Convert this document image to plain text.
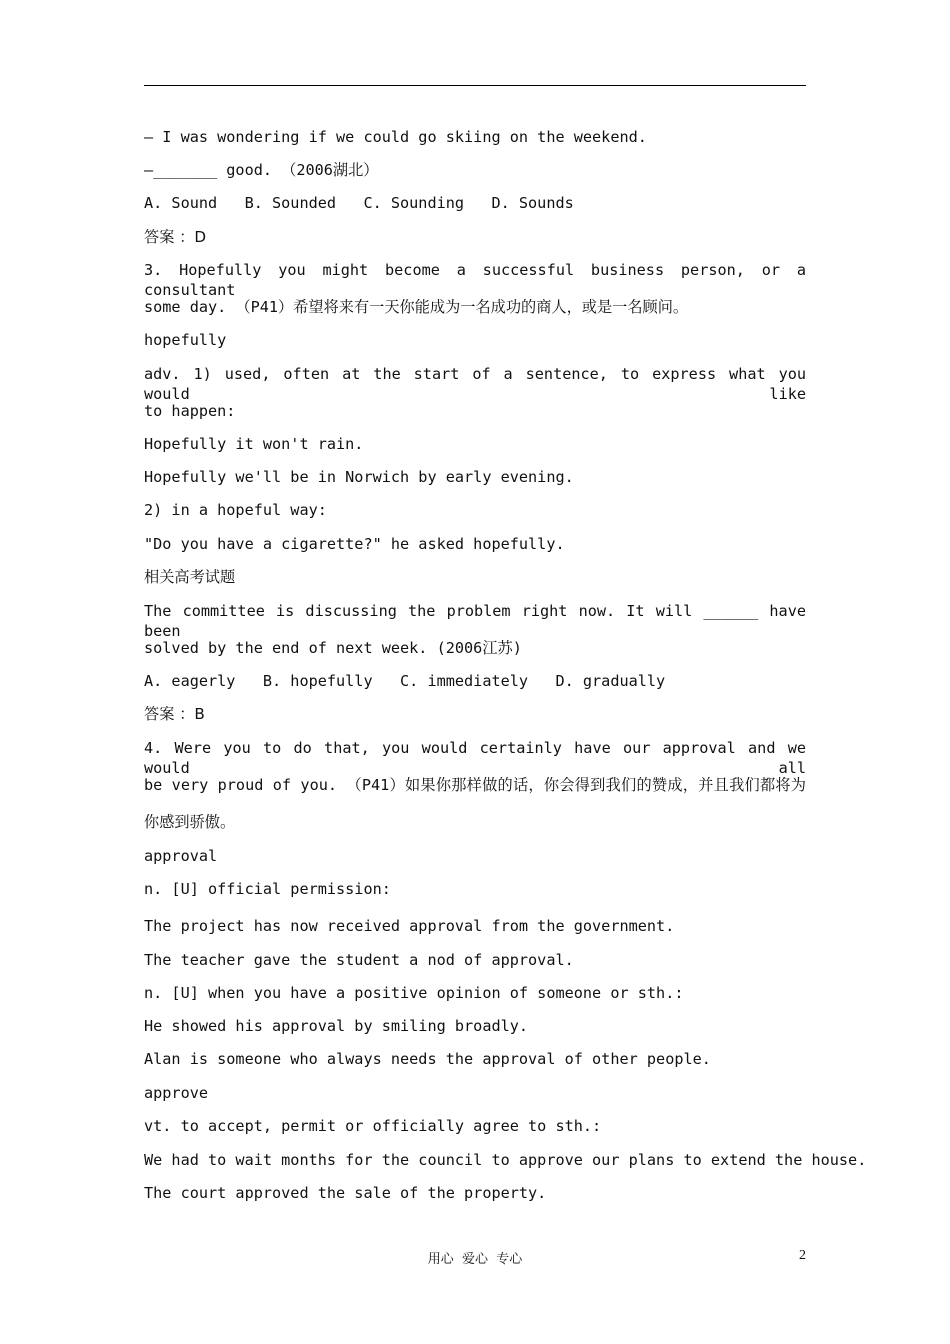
— I was wondering if we could go skiing on the weekend.
—_______ good. （2006湖北）
A. Sound   B. Sounded   C. Sounding   D. Sounds
答案 ：D
3. Hopefully you might become a successful business person, or a consultant
some day. （P41）希望将来有一天你能成为一名成功的商人，或是一名顾问。
hopefully
adv. 1) used, often at the start of a sentence, to express what you would like
to happen:
Hopefully it won't rain.
Hopefully we'll be in Norwich by early evening.
2) in a hopeful way:
"Do you have a cigarette?" he asked hopefully.
相关高考试题
The committee is discussing the problem right now. It will ______ have been
solved by the end of next week. (2006江苏)
A. eagerly   B. hopefully   C. immediately   D. gradually
答案 ：B
4. Were you to do that, you would certainly have our approval and we would all
be very proud of you. （P41）如果你那样做的话，你会得到我们的赞成，并且我们都将为
你感到骄傲。
approval
n. [U] official permission:
The project has now received approval from the government.
The teacher gave the student a nod of approval.
n. [U] when you have a positive opinion of someone or sth.:
He showed his approval by smiling broadly.
Alan is someone who always needs the approval of other people.
approve
vt. to accept, permit or officially agree to sth.:
We had to wait months for the council to approve our plans to extend the house.
The court approved the sale of the property.
用心  爱心  专心	2
